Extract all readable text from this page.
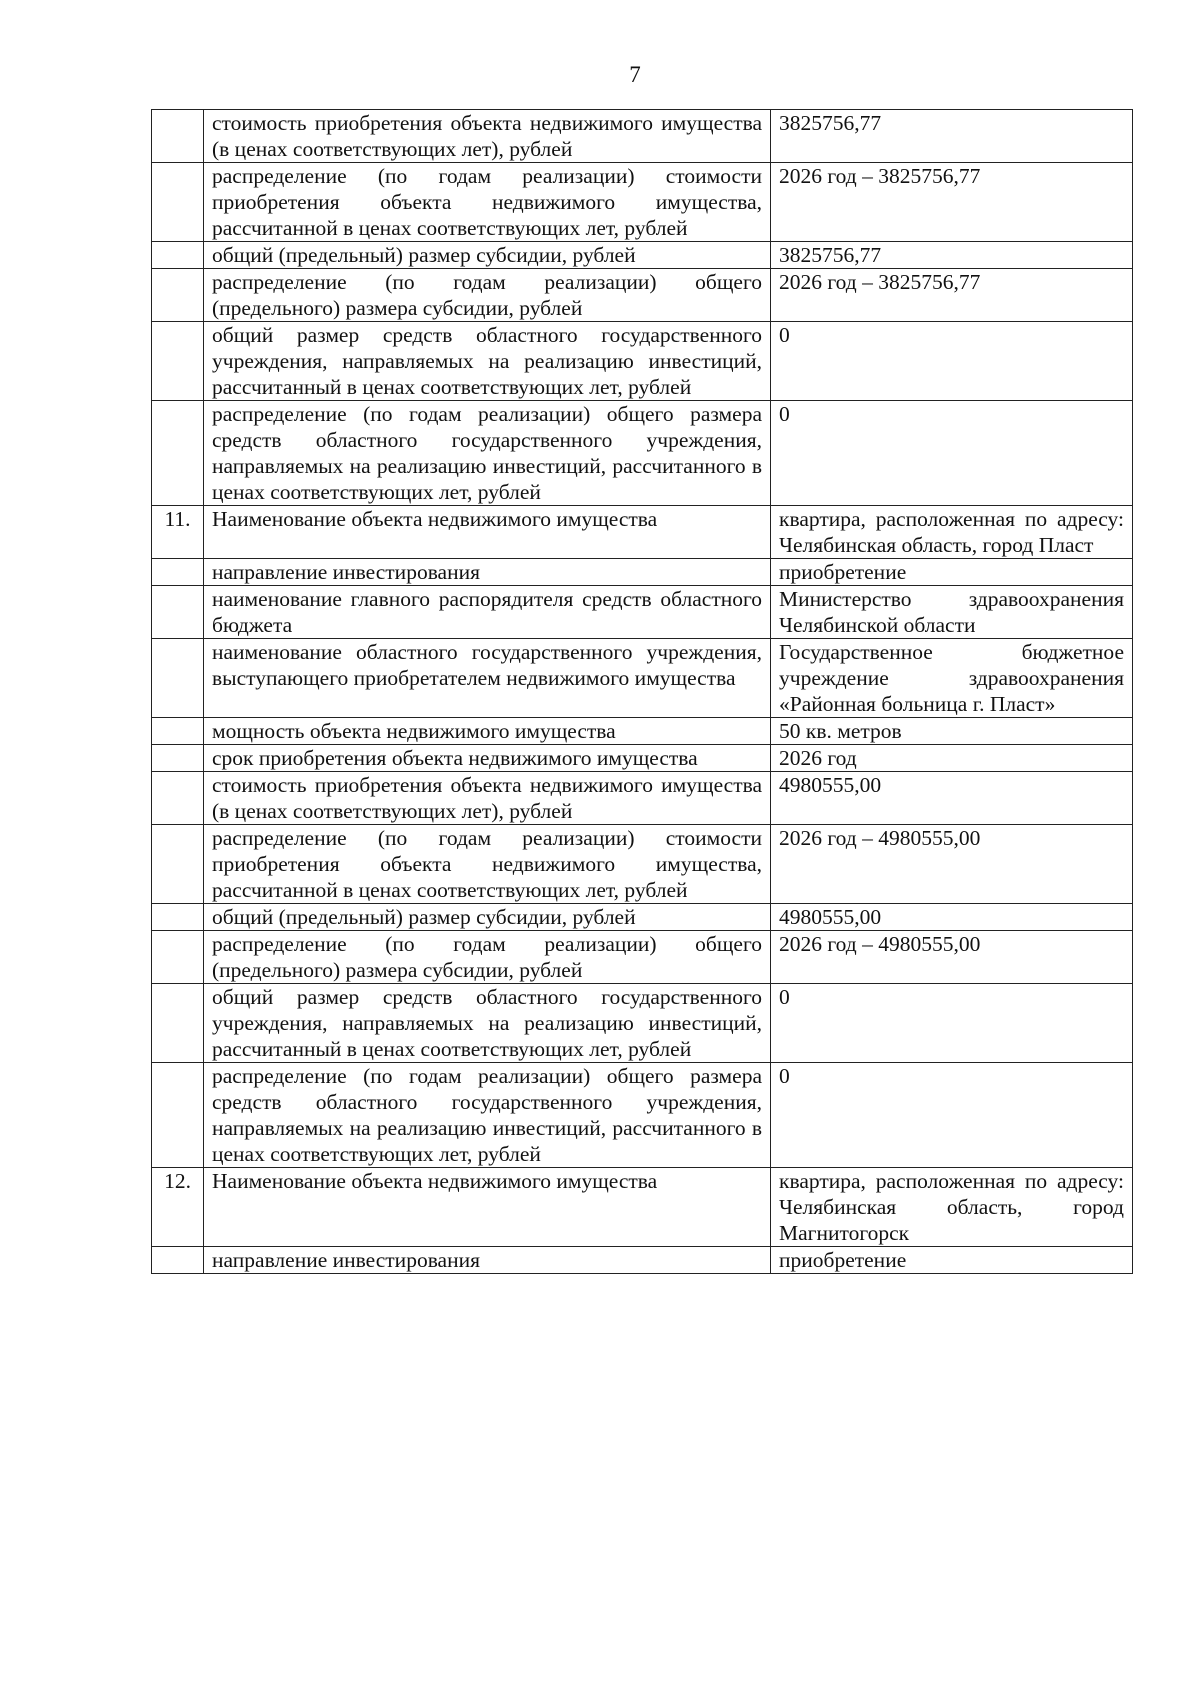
7
	стоимость приобретения объекта недвижимого имущества (в ценах соответствующих лет), рублей	3825756,77
	распределение (по годам реализации) стоимости приобретения объекта недвижимого имущества, рассчитанной в ценах соответствующих лет, рублей	2026 год – 3825756,77
	общий (предельный) размер субсидии, рублей	3825756,77
	распределение (по годам реализации) общего (предельного) размера субсидии, рублей	2026 год – 3825756,77
	общий размер средств областного государственного учреждения, направляемых на реализацию инвестиций, рассчитанный в ценах соответствующих лет, рублей	0
	распределение (по годам реализации) общего размера средств областного государственного учреждения, направляемых на реализацию инвестиций, рассчитанного в ценах соответствующих лет, рублей	0
11.	Наименование объекта недвижимого имущества	квартира, расположенная по адресу: Челябинская область, город Пласт
	направление инвестирования	приобретение
	наименование главного распорядителя средств областного бюджета	Министерство здравоохранения Челябинской области
	наименование областного государственного учреждения, выступающего приобретателем недвижимого имущества	Государственное бюджетное учреждение здравоохранения «Районная больница г. Пласт»
	мощность объекта недвижимого имущества	50 кв. метров
	срок приобретения объекта недвижимого имущества	2026 год
	стоимость приобретения объекта недвижимого имущества (в ценах соответствующих лет), рублей	4980555,00
	распределение (по годам реализации) стоимости приобретения объекта недвижимого имущества, рассчитанной в ценах соответствующих лет, рублей	2026 год – 4980555,00
	общий (предельный) размер субсидии, рублей	4980555,00
	распределение (по годам реализации) общего (предельного) размера субсидии, рублей	2026 год – 4980555,00
	общий размер средств областного государственного учреждения, направляемых на реализацию инвестиций, рассчитанный в ценах соответствующих лет, рублей	0
	распределение (по годам реализации) общего размера средств областного государственного учреждения, направляемых на реализацию инвестиций, рассчитанного в ценах соответствующих лет, рублей	0
12.	Наименование объекта недвижимого имущества	квартира, расположенная по адресу: Челябинская область, город Магнитогорск
	направление инвестирования	приобретение
